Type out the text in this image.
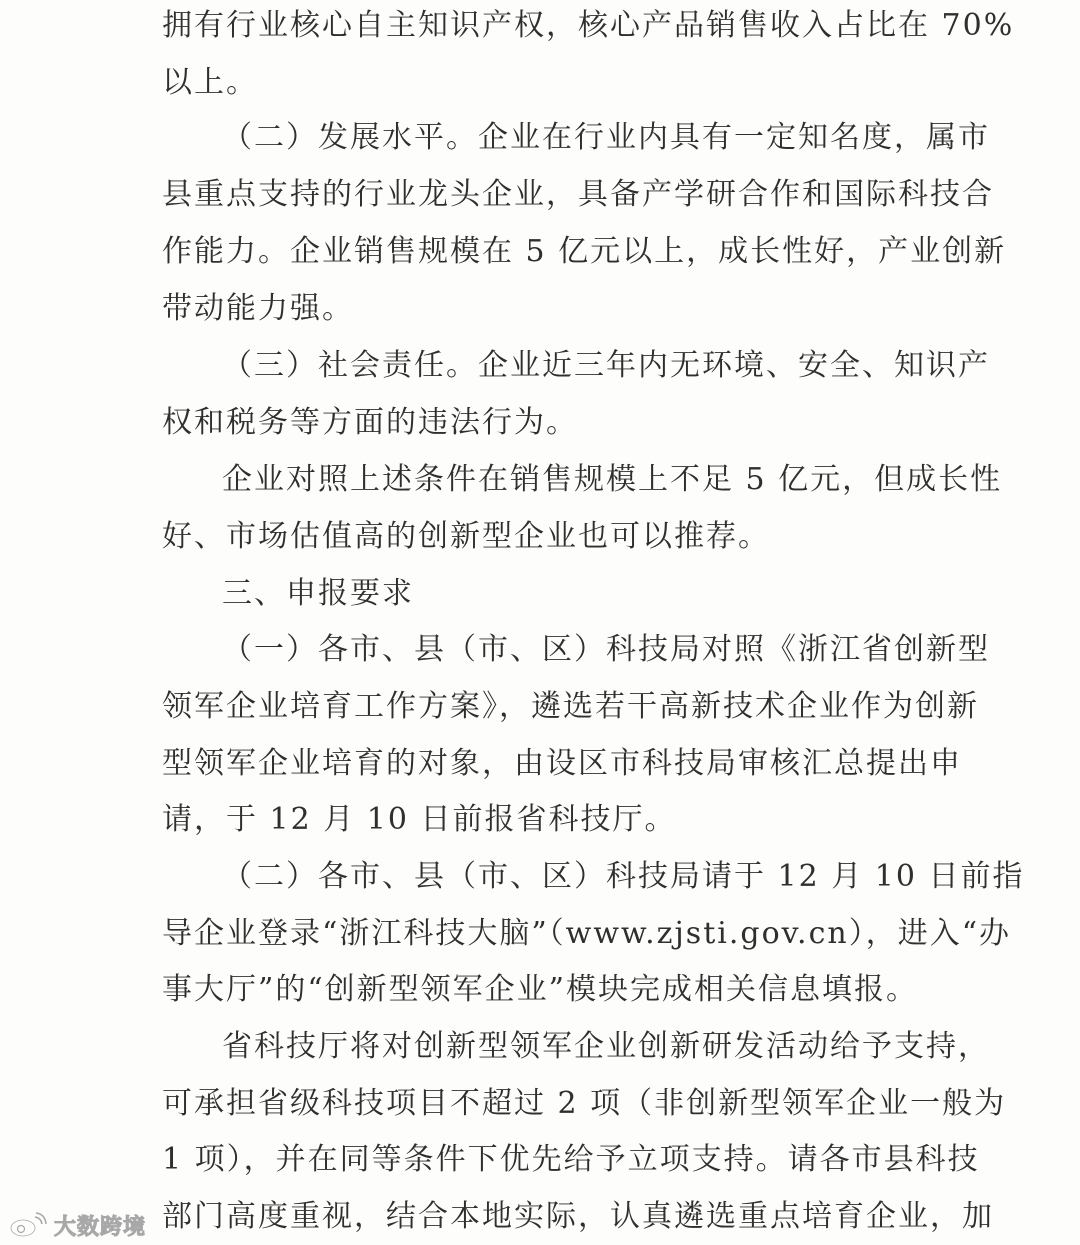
拥有行业核心自主知识产权，核心产品销售收入占比在 70%
以上。
（二）发展水平。企业在行业内具有一定知名度，属市
县重点支持的行业龙头企业，具备产学研合作和国际科技合
作能力。企业销售规模在 5 亿元以上，成长性好，产业创新
带动能力强。
（三）社会责任。企业近三年内无环境、安全、知识产
权和税务等方面的违法行为。
企业对照上述条件在销售规模上不足 5 亿元，但成长性
好、市场估值高的创新型企业也可以推荐。
三、申报要求
（一）各市、县（市、区）科技局对照《浙江省创新型
领军企业培育工作方案》，遴选若干高新技术企业作为创新
型领军企业培育的对象，由设区市科技局审核汇总提出申
请，于 12 月 10 日前报省科技厅。
（二）各市、县（市、区）科技局请于 12 月 10 日前指
导企业登录“浙江科技大脑”（www.zjsti.gov.cn），进入“办
事大厅”的“创新型领军企业”模块完成相关信息填报。
省科技厅将对创新型领军企业创新研发活动给予支持，
可承担省级科技项目不超过 2 项（非创新型领军企业一般为
1 项），并在同等条件下优先给予立项支持。请各市县科技
部门高度重视，结合本地实际，认真遴选重点培育企业，加
大数跨境
